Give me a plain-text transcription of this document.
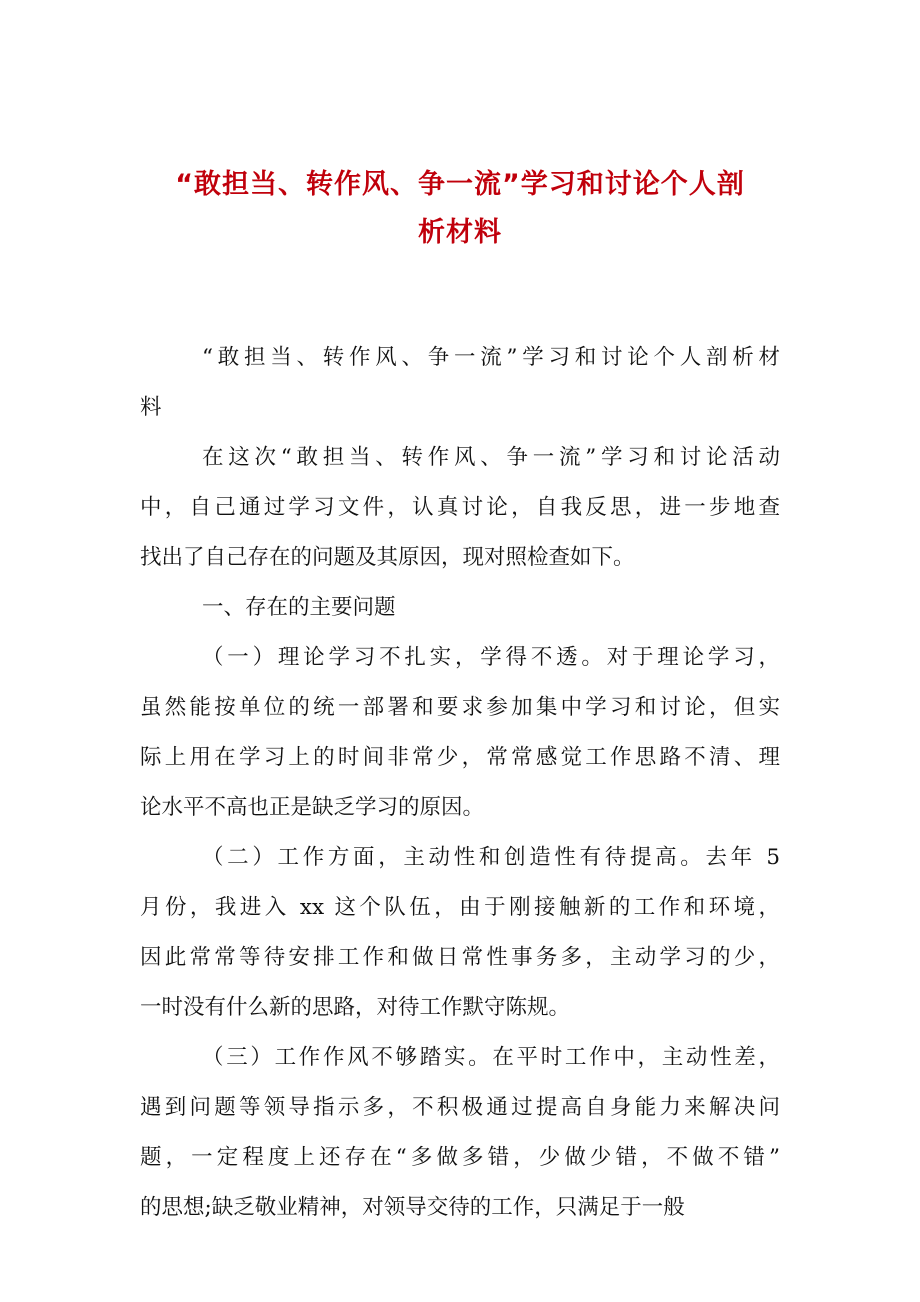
“敢担当、转作风、争一流”学习和讨论个人剖
析材料
“敢担当、转作风、争一流”学习和讨论个人剖析材
料
在这次“敢担当、转作风、争一流”学习和讨论活动
中，自己通过学习文件，认真讨论，自我反思，进一步地查
找出了自己存在的问题及其原因，现对照检查如下。
一、存在的主要问题
（一）理论学习不扎实，学得不透。对于理论学习，
虽然能按单位的统一部署和要求参加集中学习和讨论，但实
际上用在学习上的时间非常少，常常感觉工作思路不清、理
论水平不高也正是缺乏学习的原因。
（二）工作方面，主动性和创造性有待提高。去年 5
月份，我进入 xx 这个队伍，由于刚接触新的工作和环境，
因此常常等待安排工作和做日常性事务多，主动学习的少，
一时没有什么新的思路，对待工作默守陈规。
（三）工作作风不够踏实。在平时工作中，主动性差，
遇到问题等领导指示多，不积极通过提高自身能力来解决问
题，一定程度上还存在“多做多错，少做少错，不做不错”
的思想;缺乏敬业精神，对领导交待的工作，只满足于一般
